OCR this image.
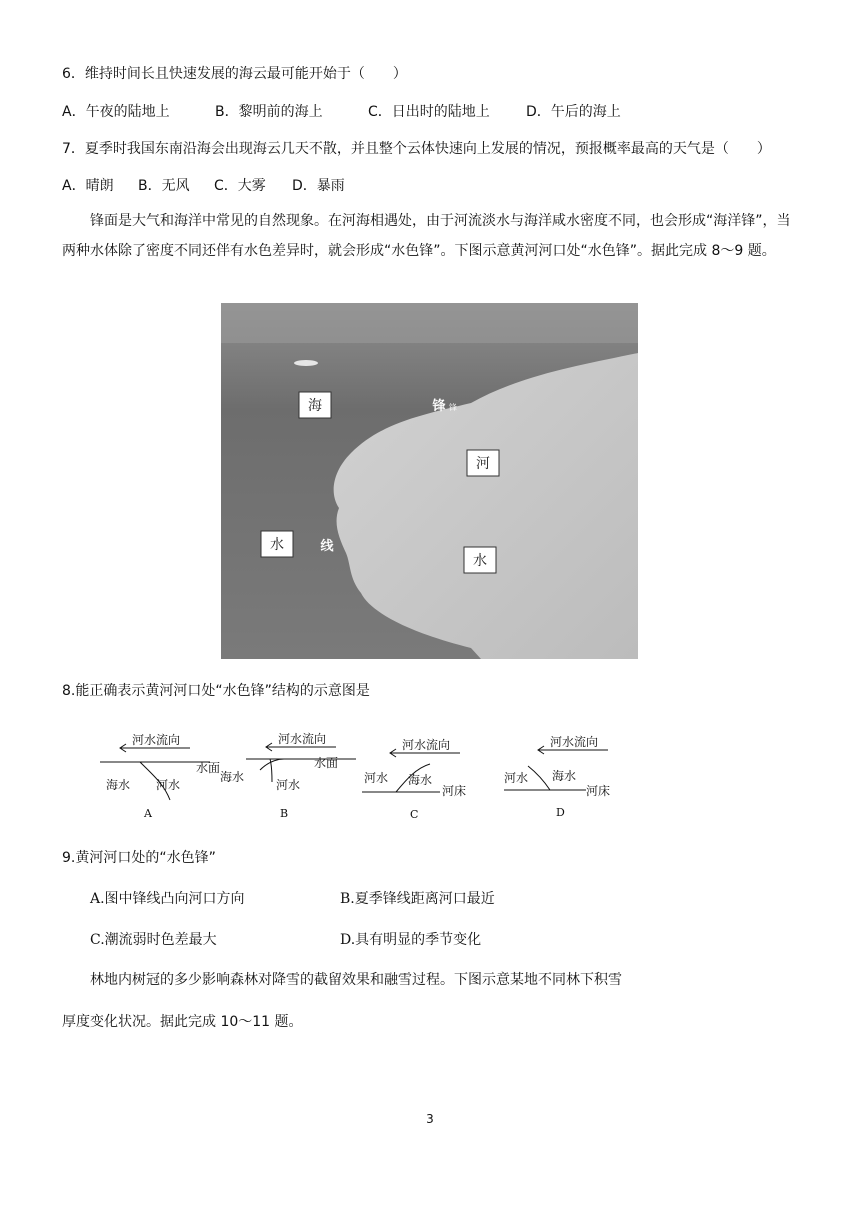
6．维持时间长且快速发展的海云最可能开始于（　　）
A．午夜的陆地上	B．黎明前的海上	C．日出时的陆地上	D．午后的海上
7．夏季时我国东南沿海会出现海云几天不散，并且整个云体快速向上发展的情况，预报概率最高的天气是（　　）
A．晴朗 B．无风 C．大雾 D．暴雨
锋面是大气和海洋中常见的自然现象。在河海相遇处，由于河流淡水与海洋咸水密度不同，也会形成“海洋锋”，当两种水体除了密度不同还伴有水色差异时，就会形成“水色锋”。下图示意黄河河口处“水色锋”。据此完成 8～9 题。
海	锋 锋
河
水	线
水
8.能正确表示黄河河口处“水色锋”结构的示意图是
河水流向
水面
海水 河水
A
河水流向
水面
海水
河水
B
河水流向
河水 海水
河床
C
河水流向
河水 海水
河床
D
9.黄河河口处的“水色锋”
A.图中锋线凸向河口方向	B.夏季锋线距离河口最近
C.潮流弱时色差最大	D.具有明显的季节变化
林地内树冠的多少影响森林对降雪的截留效果和融雪过程。下图示意某地不同林下积雪
厚度变化状况。据此完成 10～11 题。
3
